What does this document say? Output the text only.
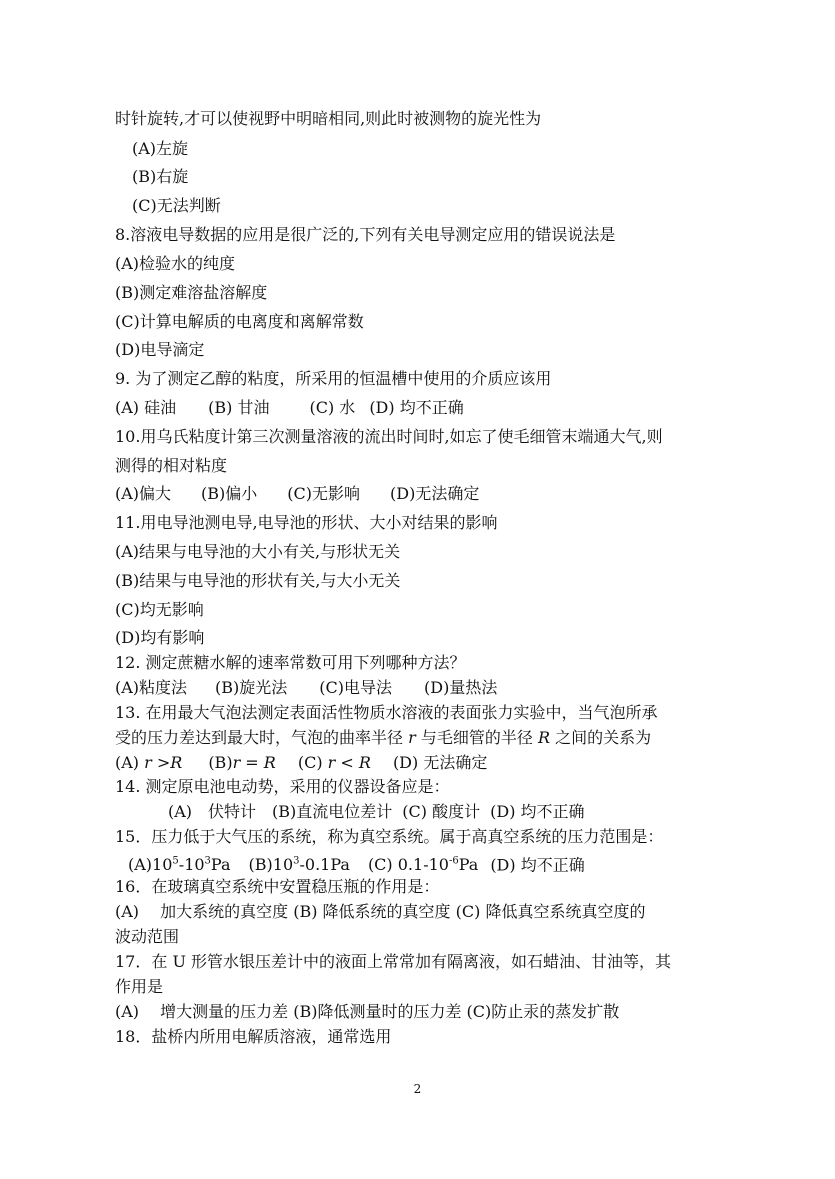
时针旋转,才可以使视野中明暗相同,则此时被测物的旋光性为
(A)左旋
(B)右旋
(C)无法判断
8.溶液电导数据的应用是很广泛的,下列有关电导测定应用的错误说法是
(A)检验水的纯度
(B)测定难溶盐溶解度
(C)计算电解质的电离度和离解常数
(D)电导滴定
9. 为了测定乙醇的粘度，所采用的恒温槽中使用的介质应该用
(A) 硅油 (B) 甘油	(C) 水 (D) 均不正确
10.用乌氏粘度计第三次测量溶液的流出时间时,如忘了使毛细管末端通大气,则
测得的相对粘度
(A)偏大 (B)偏小 (C)无影响 (D)无法确定
11.用电导池测电导,电导池的形状、大小对结果的影响
(A)结果与电导池的大小有关,与形状无关
(B)结果与电导池的形状有关,与大小无关
(C)均无影响
(D)均有影响
12. 测定蔗糖水解的速率常数可用下列哪种方法？
(A)粘度法 (B)旋光法 (C)电导法 (D)量热法
13. 在用最大气泡法测定表面活性物质水溶液的表面张力实验中，当气泡所承
受的压力差达到最大时，气泡的曲率半径 r 与毛细管的半径 R 之间的关系为
(A) r >R (B)r = R (C) r < R (D) 无法确定
14. 测定原电池电动势，采用的仪器设备应是：
(A)　伏特计 (B)直流电位差计 (C) 酸度计 (D) 均不正确
15．压力低于大气压的系统，称为真空系统。属于高真空系统的压力范围是：
$(A)10^5-10^3Pa$ $(B)10^3-0.1Pa$ (C) $0.1-10^{-6}Pa$ (D) 均不正确
16．在玻璃真空系统中安置稳压瓶的作用是：
(A)　 加大系统的真空度 (B) 降低系统的真空度 (C) 降低真空系统真空度的
波动范围
17．在 U 形管水银压差计中的液面上常常加有隔离液，如石蜡油、甘油等，其
作用是
(A)　 增大测量的压力差 (B)降低测量时的压力差 (C)防止汞的蒸发扩散
18．盐桥内所用电解质溶液，通常选用
2
